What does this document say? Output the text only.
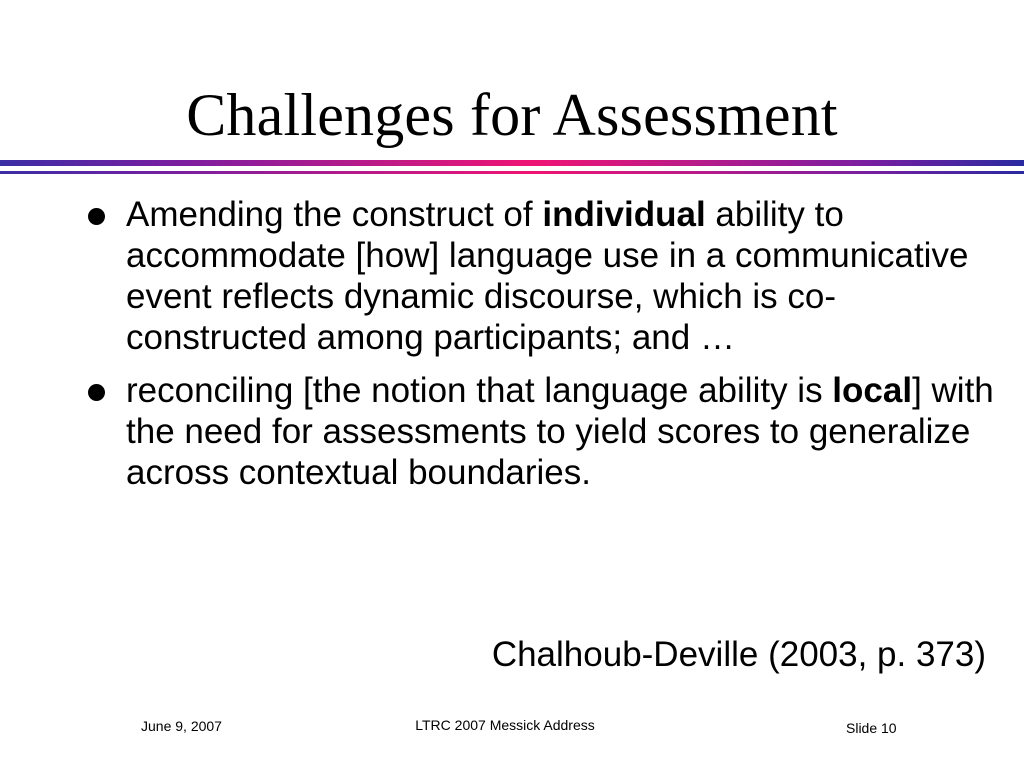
Challenges for Assessment
Amending the construct of individual ability to accommodate [how] language use in a communicative event reflects dynamic discourse, which is co-constructed among participants; and …
reconciling [the notion that language ability is local] with the need for assessments to yield scores to generalize across contextual boundaries.

Chalhoub-Deville (2003, p. 373)

June 9, 2007	LTRC 2007 Messick Address	Slide 10
